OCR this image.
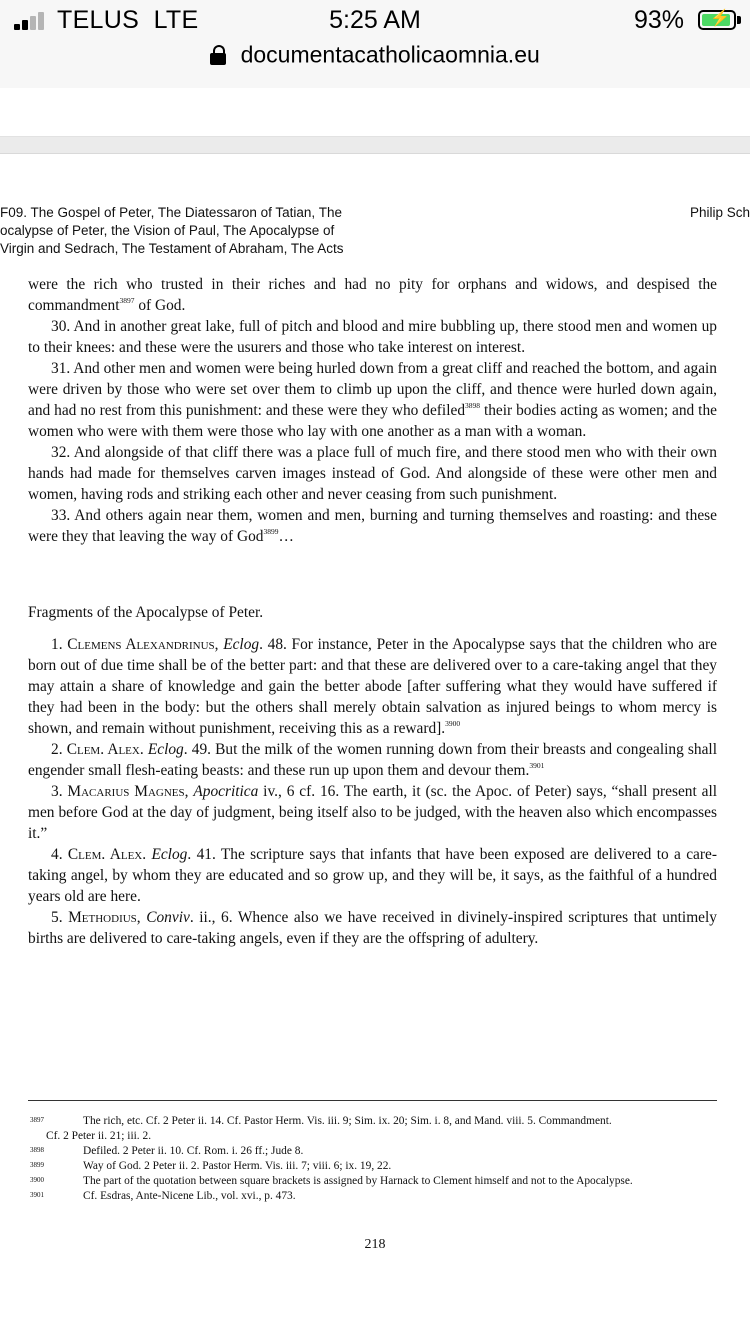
TELUS  LTE	5:25 AM	93% ⚡
documentacatholicaomnia.eu
F09. The Gospel of Peter, The Diatessaron of Tatian, The
ocalypse of Peter, the Vision of Paul, The Apocalypse of
Virgin and Sedrach, The Testament of Abraham, The Acts
Philip Sch

were the rich who trusted in their riches and had no pity for orphans and widows, and despised the commandment$^{3897}$ of God.

30. And in another great lake, full of pitch and blood and mire bubbling up, there stood men and women up to their knees: and these were the usurers and those who take interest on interest.

31. And other men and women were being hurled down from a great cliff and reached the bottom, and again were driven by those who were set over them to climb up upon the cliff, and thence were hurled down again, and had no rest from this punishment: and these were they who defiled$^{3898}$ their bodies acting as women; and the women who were with them were those who lay with one another as a man with a woman.

32. And alongside of that cliff there was a place full of much fire, and there stood men who with their own hands had made for themselves carven images instead of God. And alongside of these were other men and women, having rods and striking each other and never ceasing from such punishment.

33. And others again near them, women and men, burning and turning themselves and roasting: and these were they that leaving the way of God$^{3899}$…

Fragments of the Apocalypse of Peter.

1. Clemens Alexandrinus, Eclog. 48. For instance, Peter in the Apocalypse says that the children who are born out of due time shall be of the better part: and that these are delivered over to a care-taking angel that they may attain a share of knowledge and gain the better abode [after suffering what they would have suffered if they had been in the body: but the others shall merely obtain salvation as injured beings to whom mercy is shown, and remain without punishment, receiving this as a reward].$^{3900}$

2. Clem. Alex. Eclog. 49. But the milk of the women running down from their breasts and congealing shall engender small flesh-eating beasts: and these run up upon them and devour them.$^{3901}$

3. Macarius Magnes, Apocritica iv., 6 cf. 16. The earth, it (sc. the Apoc. of Peter) says, “shall present all men before God at the day of judgment, being itself also to be judged, with the heaven also which encompasses it.”

4. Clem. Alex. Eclog. 41. The scripture says that infants that have been exposed are delivered to a care-taking angel, by whom they are educated and so grow up, and they will be, it says, as the faithful of a hundred years old are here.

5. Methodius, Conviv. ii., 6. Whence also we have received in divinely-inspired scriptures that untimely births are delivered to care-taking angels, even if they are the offspring of adultery.

3897	The rich, etc. Cf. 2 Peter ii. 14. Cf. Pastor Herm. Vis. iii. 9; Sim. ix. 20; Sim. i. 8, and Mand. viii. 5. Commandment.
Cf. 2 Peter ii. 21; iii. 2.
3898	Defiled. 2 Peter ii. 10. Cf. Rom. i. 26 ff.; Jude 8.
3899	Way of God. 2 Peter ii. 2. Pastor Herm. Vis. iii. 7; viii. 6; ix. 19, 22.
3900	The part of the quotation between square brackets is assigned by Harnack to Clement himself and not to the Apocalypse.
3901	Cf. Esdras, Ante-Nicene Lib., vol. xvi., p. 473.
218
